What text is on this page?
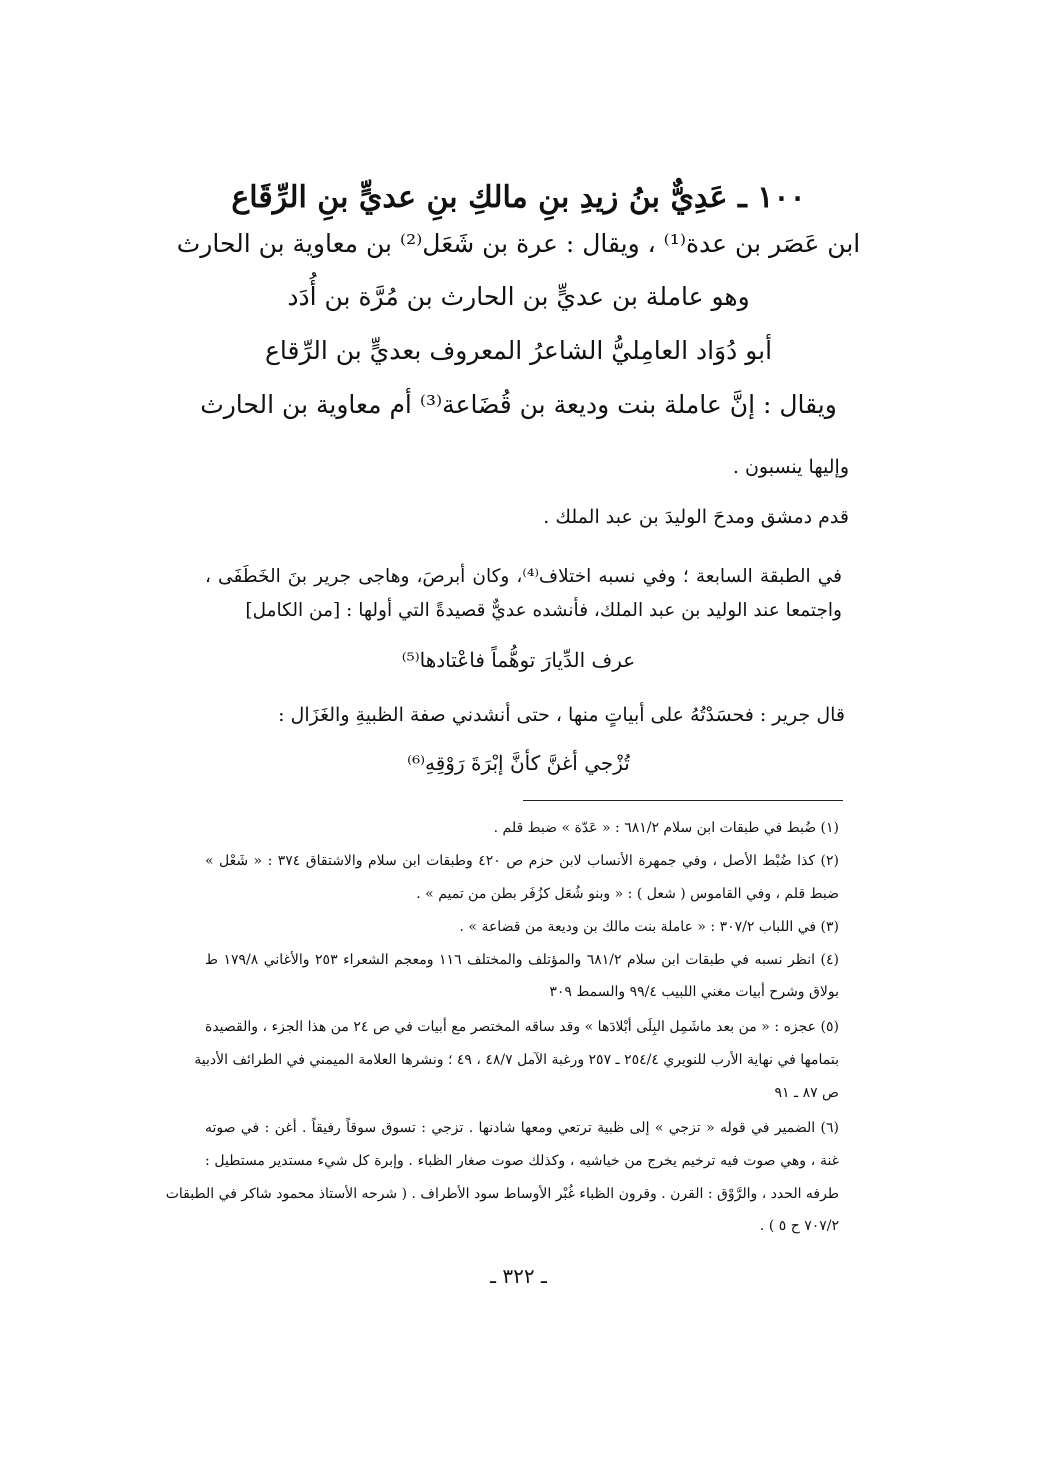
١٠٠ ـ عَدِيٌّ بنُ زيدِ بنِ مالكِ بنِ عديٍّ بنِ الرِّقَاع
ابن عَصَر بن عدة⁽¹⁾ ، ويقال : عرة بن شَعَل⁽²⁾ بن معاوية بن الحارث
وهو عاملة بن عديٍّ بن الحارث بن مُرَّة بن أُدَد
أبو دُوَاد العامِليُّ الشاعرُ المعروف بعديٍّ بن الرِّقاع
ويقال : إنَّ عاملة بنت وديعة بن قُضَاعة⁽³⁾ أم معاوية بن الحارث
وإليها ينسبون .
قدم دمشق ومدحَ الوليدَ بن عبد الملك .
في الطبقة السابعة ؛ وفي نسبه اختلاف⁽⁴⁾، وكان أبرصَ، وهاجى جرير بنَ الخَطَفَى ،
واجتمعا عند الوليد بن عبد الملك، فأنشده عديٌّ قصيدةً التي أولها : [من الكامل]
عرف الدِّيارَ توهُّماً فاعْتادها⁽⁵⁾
قال جرير : فحسَدْتُهُ على أبياتٍ منها ، حتى أنشدني صفة الظبيةِ والغَزَال :
تُزْجي أغنَّ كأنَّ إبْرَةَ رَوْقِهِ⁽⁶⁾
(١) ضُبط في طبقات ابن سلام ٦٨١/٢ : « عَدّة » ضبط قلم .
(٢) كذا ضُبْط الأصل ، وفي جمهرة الأنساب لابن حزم ص ٤٢٠ وطبقات ابن سلام والاشتقاق ٣٧٤ : « شَعْل »
ضبط قلم ، وفي القاموس ( شعل ) : « وبنو شُعَل كزُفَر بطن من تميم » .
(٣) في اللباب ٣٠٧/٢ : « عاملة بنت مالك بن وديعة من قضاعة » .
(٤) انظر نسبه في طبقات ابن سلام ٦٨١/٢ والمؤتلف والمختلف ١١٦ ومعجم الشعراء ٢٥٣ والأغاني ١٧٩/٨ ط
بولاق وشرح أبيات مغني اللبيب ٩٩/٤ والسمط ٣٠٩
(٥) عجزه : « من بعد ماشَمِل البِلَى أبْلادَها » وقد ساقه المختصر مع أبيات في ص ٢٤ من هذا الجزء ، والقصيدة
بتمامها في نهاية الأرب للنويري ٢٥٤/٤ ـ ٢٥٧ ورغبة الآمل ٤٨/٧ ، ٤٩ ؛ ونشرها العلامة الميمني في الطرائف الأدبية
ص ٨٧ ـ ٩١
(٦) الضمير في قوله « تزجي » إلى ظبية ترتعي ومعها شادنها . تزجي : تسوق سوقاً رفيقاً . أغن : في صوته
غنة ، وهي صوت فيه ترخيم يخرج من خياشيه ، وكذلك صوت صغار الظباء . وإبرة كل شيء مستدير مستطيل :
طرفه الحدد ، والرَّوْق : القرن . وقرون الظباء غُبْر الأوساط سود الأطراف . ( شرحه الأستاذ محمود شاكر في الطبقات
٧٠٧/٢ ح ٥ ) .
ـ ٣٢٢ ـ
